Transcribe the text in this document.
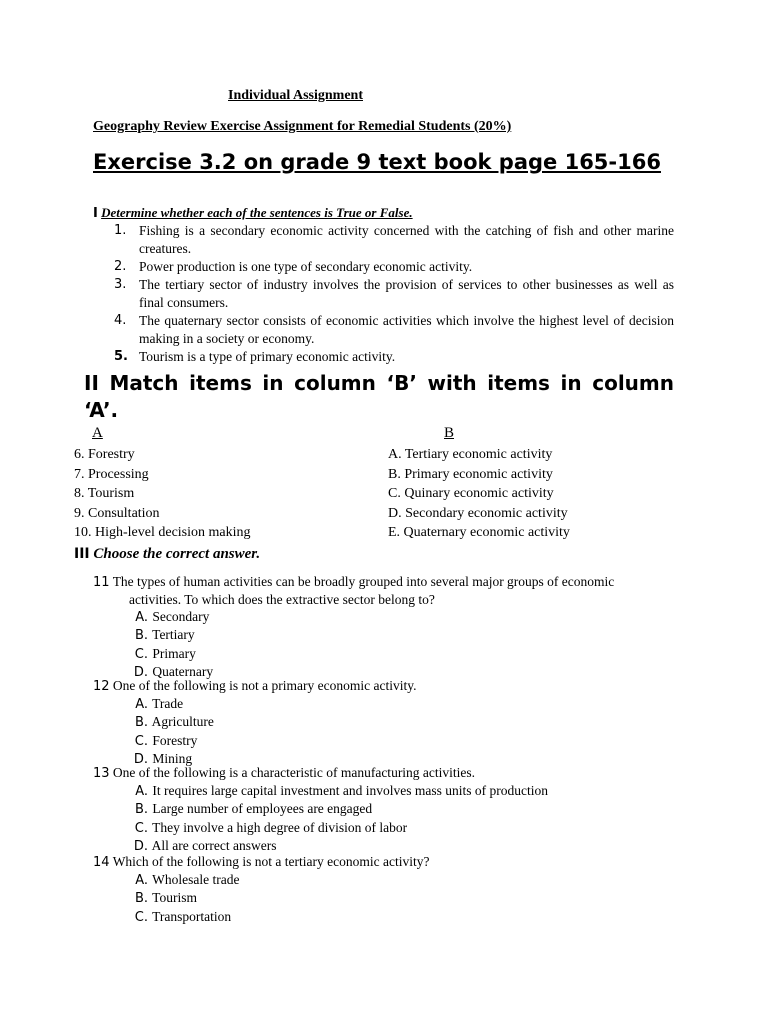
Individual Assignment
Geography Review Exercise Assignment for Remedial Students (20%)
Exercise 3.2 on grade 9 text book page 165-166
I Determine whether each of the sentences is True or False.
1. Fishing is a secondary economic activity concerned with the catching of fish and other marine creatures.
2. Power production is one type of secondary economic activity.
3. The tertiary sector of industry involves the provision of services to other businesses as well as final consumers.
4. The quaternary sector consists of economic activities which involve the highest level of decision making in a society or economy.
5. Tourism is a type of primary economic activity.
II Match items in column ‘B’ with items in column ‘A’.
A	B
6. Forestry
7. Processing
8. Tourism
9. Consultation
10. High-level decision making
A. Tertiary economic activity
B. Primary economic activity
C. Quinary economic activity
D. Secondary economic activity
E. Quaternary economic activity
III Choose the correct answer.
11 The types of human activities can be broadly grouped into several major groups of economic
activities. To which does the extractive sector belong to?
A. Secondary
B. Tertiary
C. Primary
D. Quaternary
12 One of the following is not a primary economic activity.
A. Trade
B. Agriculture
C. Forestry
D. Mining
13 One of the following is a characteristic of manufacturing activities.
A. It requires large capital investment and involves mass units of production
B. Large number of employees are engaged
C. They involve a high degree of division of labor
D. All are correct answers
14 Which of the following is not a tertiary economic activity?
A. Wholesale trade
B. Tourism
C. Transportation
